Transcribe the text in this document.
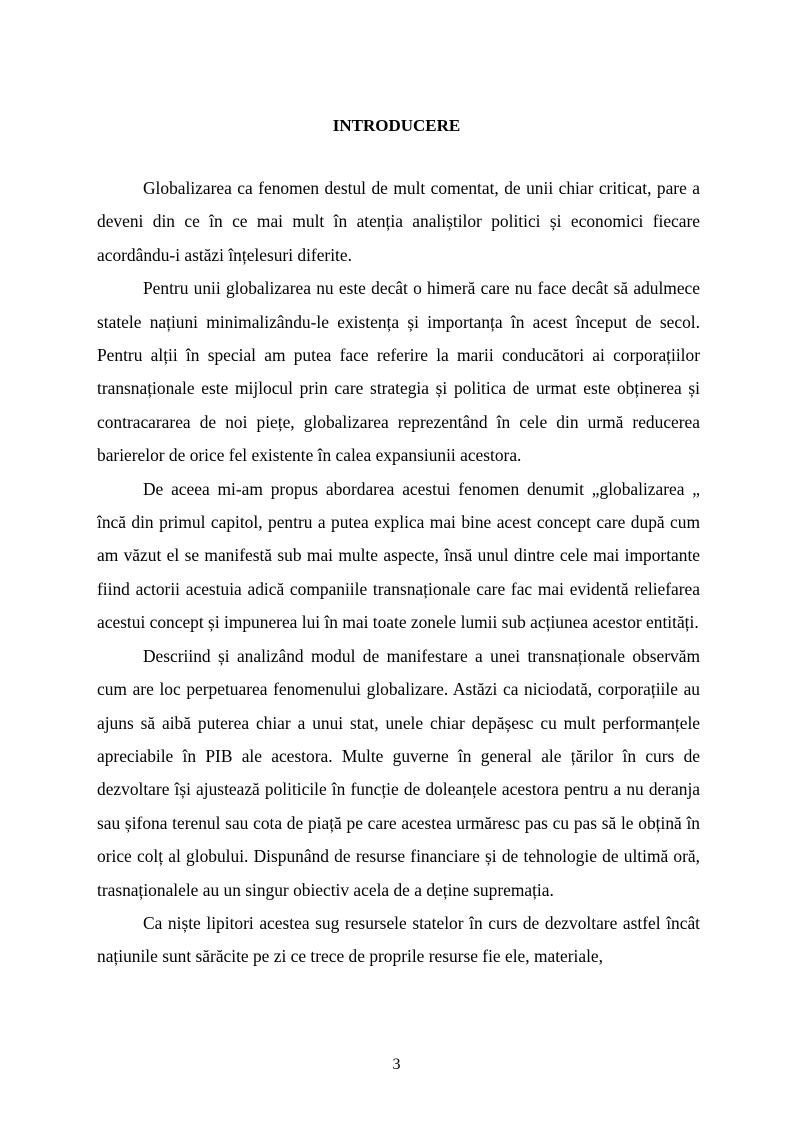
INTRODUCERE

Globalizarea ca fenomen destul de mult comentat, de unii chiar criticat, pare a deveni din ce în ce mai mult în atenția analiștilor politici și economici fiecare acordându-i astăzi înțelesuri diferite.

Pentru unii globalizarea nu este decât o himeră care nu face decât să adulmece statele națiuni minimalizându-le existența și importanța în acest început de secol. Pentru alții în special am putea face referire la marii conducători ai corporațiilor transnaționale este mijlocul prin care strategia și politica de urmat este obținerea și contracararea de noi piețe, globalizarea reprezentând în cele din urmă reducerea barierelor de orice fel existente în calea expansiunii acestora.

De aceea mi-am propus abordarea acestui fenomen denumit „globalizarea „ încă din primul capitol, pentru a putea explica mai bine acest concept care după cum am văzut el se manifestă sub mai multe aspecte, însă unul dintre cele mai importante fiind actorii acestuia adică companiile transnaționale care fac mai evidentă reliefarea acestui concept și impunerea lui în mai toate zonele lumii sub acțiunea acestor entități.

Descriind și analizând modul de manifestare a unei transnaționale observăm cum are loc perpetuarea fenomenului globalizare. Astăzi ca niciodată, corporațiile au ajuns să aibă puterea chiar a unui stat, unele chiar depășesc cu mult performanțele apreciabile în PIB ale acestora. Multe guverne în general ale țărilor în curs de dezvoltare își ajustează politicile în funcție de doleanțele acestora pentru a nu deranja sau șifona terenul sau cota de piață pe care acestea urmăresc pas cu pas să le obțină în orice colț al globului. Dispunând de resurse financiare și de tehnologie de ultimă oră, trasnaționalele au un singur obiectiv acela de a deține supremația.

Ca niște lipitori acestea sug resursele statelor în curs de dezvoltare astfel încât națiunile sunt sărăcite pe zi ce trece de proprile resurse fie ele, materiale,

3
